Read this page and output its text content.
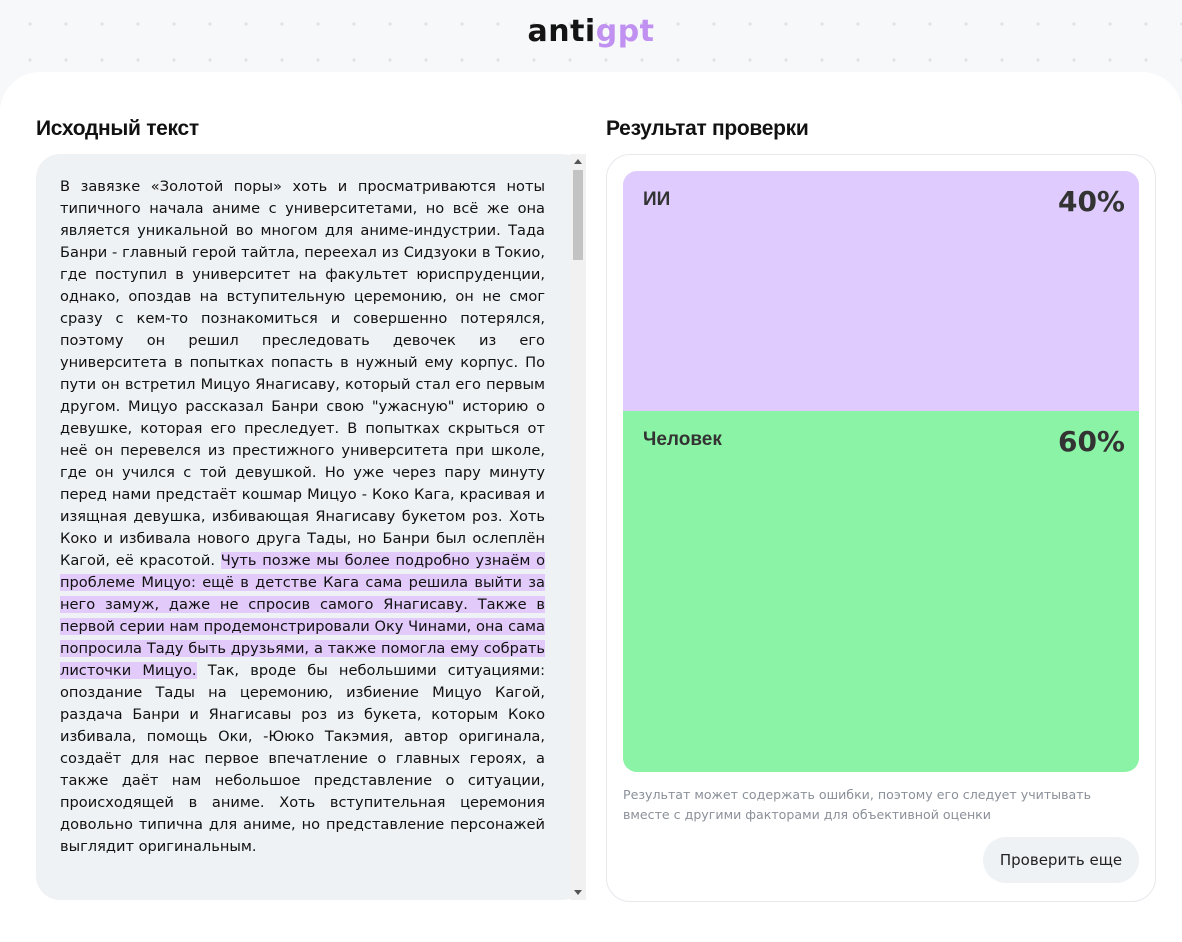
antigpt
Исходный текст	Результат проверки

В завязке «Золотой поры» хоть и просматриваются ноты типичного начала аниме с университетами, но всё же она является уникальной во многом для аниме-индустрии. Тада Банри - главный герой тайтла, переехал из Сидзуоки в Токио, где поступил в университет на факультет юриспруденции, однако, опоздав на вступительную церемонию, он не смог сразу с кем-то познакомиться и совершенно потерялся, поэтому он решил преследовать девочек из его университета в попытках попасть в нужный ему корпус. По пути он встретил Мицуо Янагисаву, который стал его первым другом. Мицуо рассказал Банри свою "ужасную" историю о девушке, которая его преследует. В попытках скрыться от неё он перевелся из престижного университета при школе, где он учился с той девушкой. Но уже через пару минуту перед нами предстаёт кошмар Мицуо - Коко Кага, красивая и изящная девушка, избивающая Янагисаву букетом роз. Хоть Коко и избивала нового друга Тады, но Банри был ослеплён Кагой, её красотой. Чуть позже мы более подробно узнаём о проблеме Мицуо: ещё в детстве Кага сама решила выйти за него замуж, даже не спросив самого Янагисаву. Также в первой серии нам продемонстрировали Оку Чинами, она сама попросила Таду быть друзьями, а также помогла ему собрать листочки Мицуо. Так, вроде бы небольшими ситуациями: опоздание Тады на церемонию, избиение Мицуо Кагой, раздача Банри и Янагисавы роз из букета, которым Коко избивала, помощь Оки, -Ююко Такэмия, автор оригинала, создаёт для нас первое впечатление о главных героях, а также даёт нам небольшое представление о ситуации, происходящей в аниме. Хоть вступительная церемония довольно типична для аниме, но представление персонажей выглядит оригинальным.

ИИ	40%
Человек	60%

Результат может содержать ошибки, поэтому его следует учитывать вместе с другими факторами для объективной оценки

Проверить еще
